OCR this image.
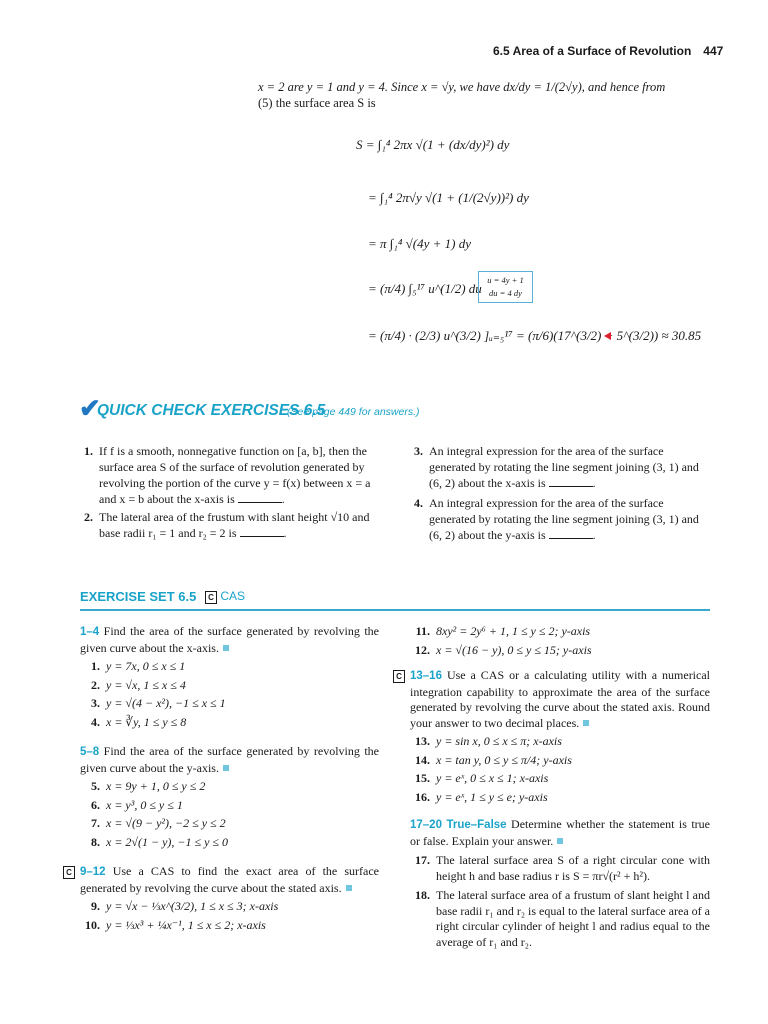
6.5 Area of a Surface of Revolution 447
x = 2 are y = 1 and y = 4. Since x = √y, we have dx/dy = 1/(2√y), and hence from
(5) the surface area S is
S = ∫₁⁴ 2πx √(1 + (dx/dy)²) dy
= ∫₁⁴ 2π√y √(1 + (1/(2√y))²) dy
= π ∫₁⁴ √(4y + 1) dy
= (π/4) ∫₅¹⁷ u^(1/2) du
u = 4y + 1
du = 4 dy
= (π/4) · (2/3) u^(3/2) ]ᵤ₌₅¹⁷ = (π/6)(17^(3/2) − 5^(3/2)) ≈ 30.85
✔
QUICK CHECK EXERCISES 6.5
(See page 449 for answers.)
1. If f is a smooth, nonnegative function on [a, b], then the surface area S of the surface of revolution generated by revolving the portion of the curve y = f(x) between x = a and x = b about the x-axis is	.
2. The lateral area of the frustum with slant height √10 and base radii r₁ = 1 and r₂ = 2 is	.
3. An integral expression for the area of the surface generated by rotating the line segment joining (3, 1) and (6, 2) about the x-axis is	.
4. An integral expression for the area of the surface generated by rotating the line segment joining (3, 1) and (6, 2) about the y-axis is	.
EXERCISE SET 6.5	C CAS
1–4 Find the area of the surface generated by revolving the given curve about the x-axis.
1. y = 7x, 0 ≤ x ≤ 1
2. y = √x, 1 ≤ x ≤ 4
3. y = √(4 − x²), −1 ≤ x ≤ 1
4. x = ∛y, 1 ≤ y ≤ 8
5–8 Find the area of the surface generated by revolving the given curve about the y-axis.
5. x = 9y + 1, 0 ≤ y ≤ 2
6. x = y³, 0 ≤ y ≤ 1
7. x = √(9 − y²), −2 ≤ y ≤ 2
8. x = 2√(1 − y), −1 ≤ y ≤ 0
C 9–12 Use a CAS to find the exact area of the surface generated by revolving the curve about the stated axis.
9. y = √x − ⅓x^(3/2), 1 ≤ x ≤ 3; x-axis
10. y = ⅓x³ + ¼x⁻¹, 1 ≤ x ≤ 2; x-axis
11. 8xy² = 2y⁶ + 1, 1 ≤ y ≤ 2; y-axis
12. x = √(16 − y), 0 ≤ y ≤ 15; y-axis
C 13–16 Use a CAS or a calculating utility with a numerical integration capability to approximate the area of the surface generated by revolving the curve about the stated axis. Round your answer to two decimal places.
13. y = sin x, 0 ≤ x ≤ π; x-axis
14. x = tan y, 0 ≤ y ≤ π/4; y-axis
15. y = eˣ, 0 ≤ x ≤ 1; x-axis
16. y = eˣ, 1 ≤ y ≤ e; y-axis
17–20 True–False Determine whether the statement is true or false. Explain your answer.
17. The lateral surface area S of a right circular cone with height h and base radius r is S = πr√(r² + h²).
18. The lateral surface area of a frustum of slant height l and base radii r₁ and r₂ is equal to the lateral surface area of a right circular cylinder of height l and radius equal to the average of r₁ and r₂.
